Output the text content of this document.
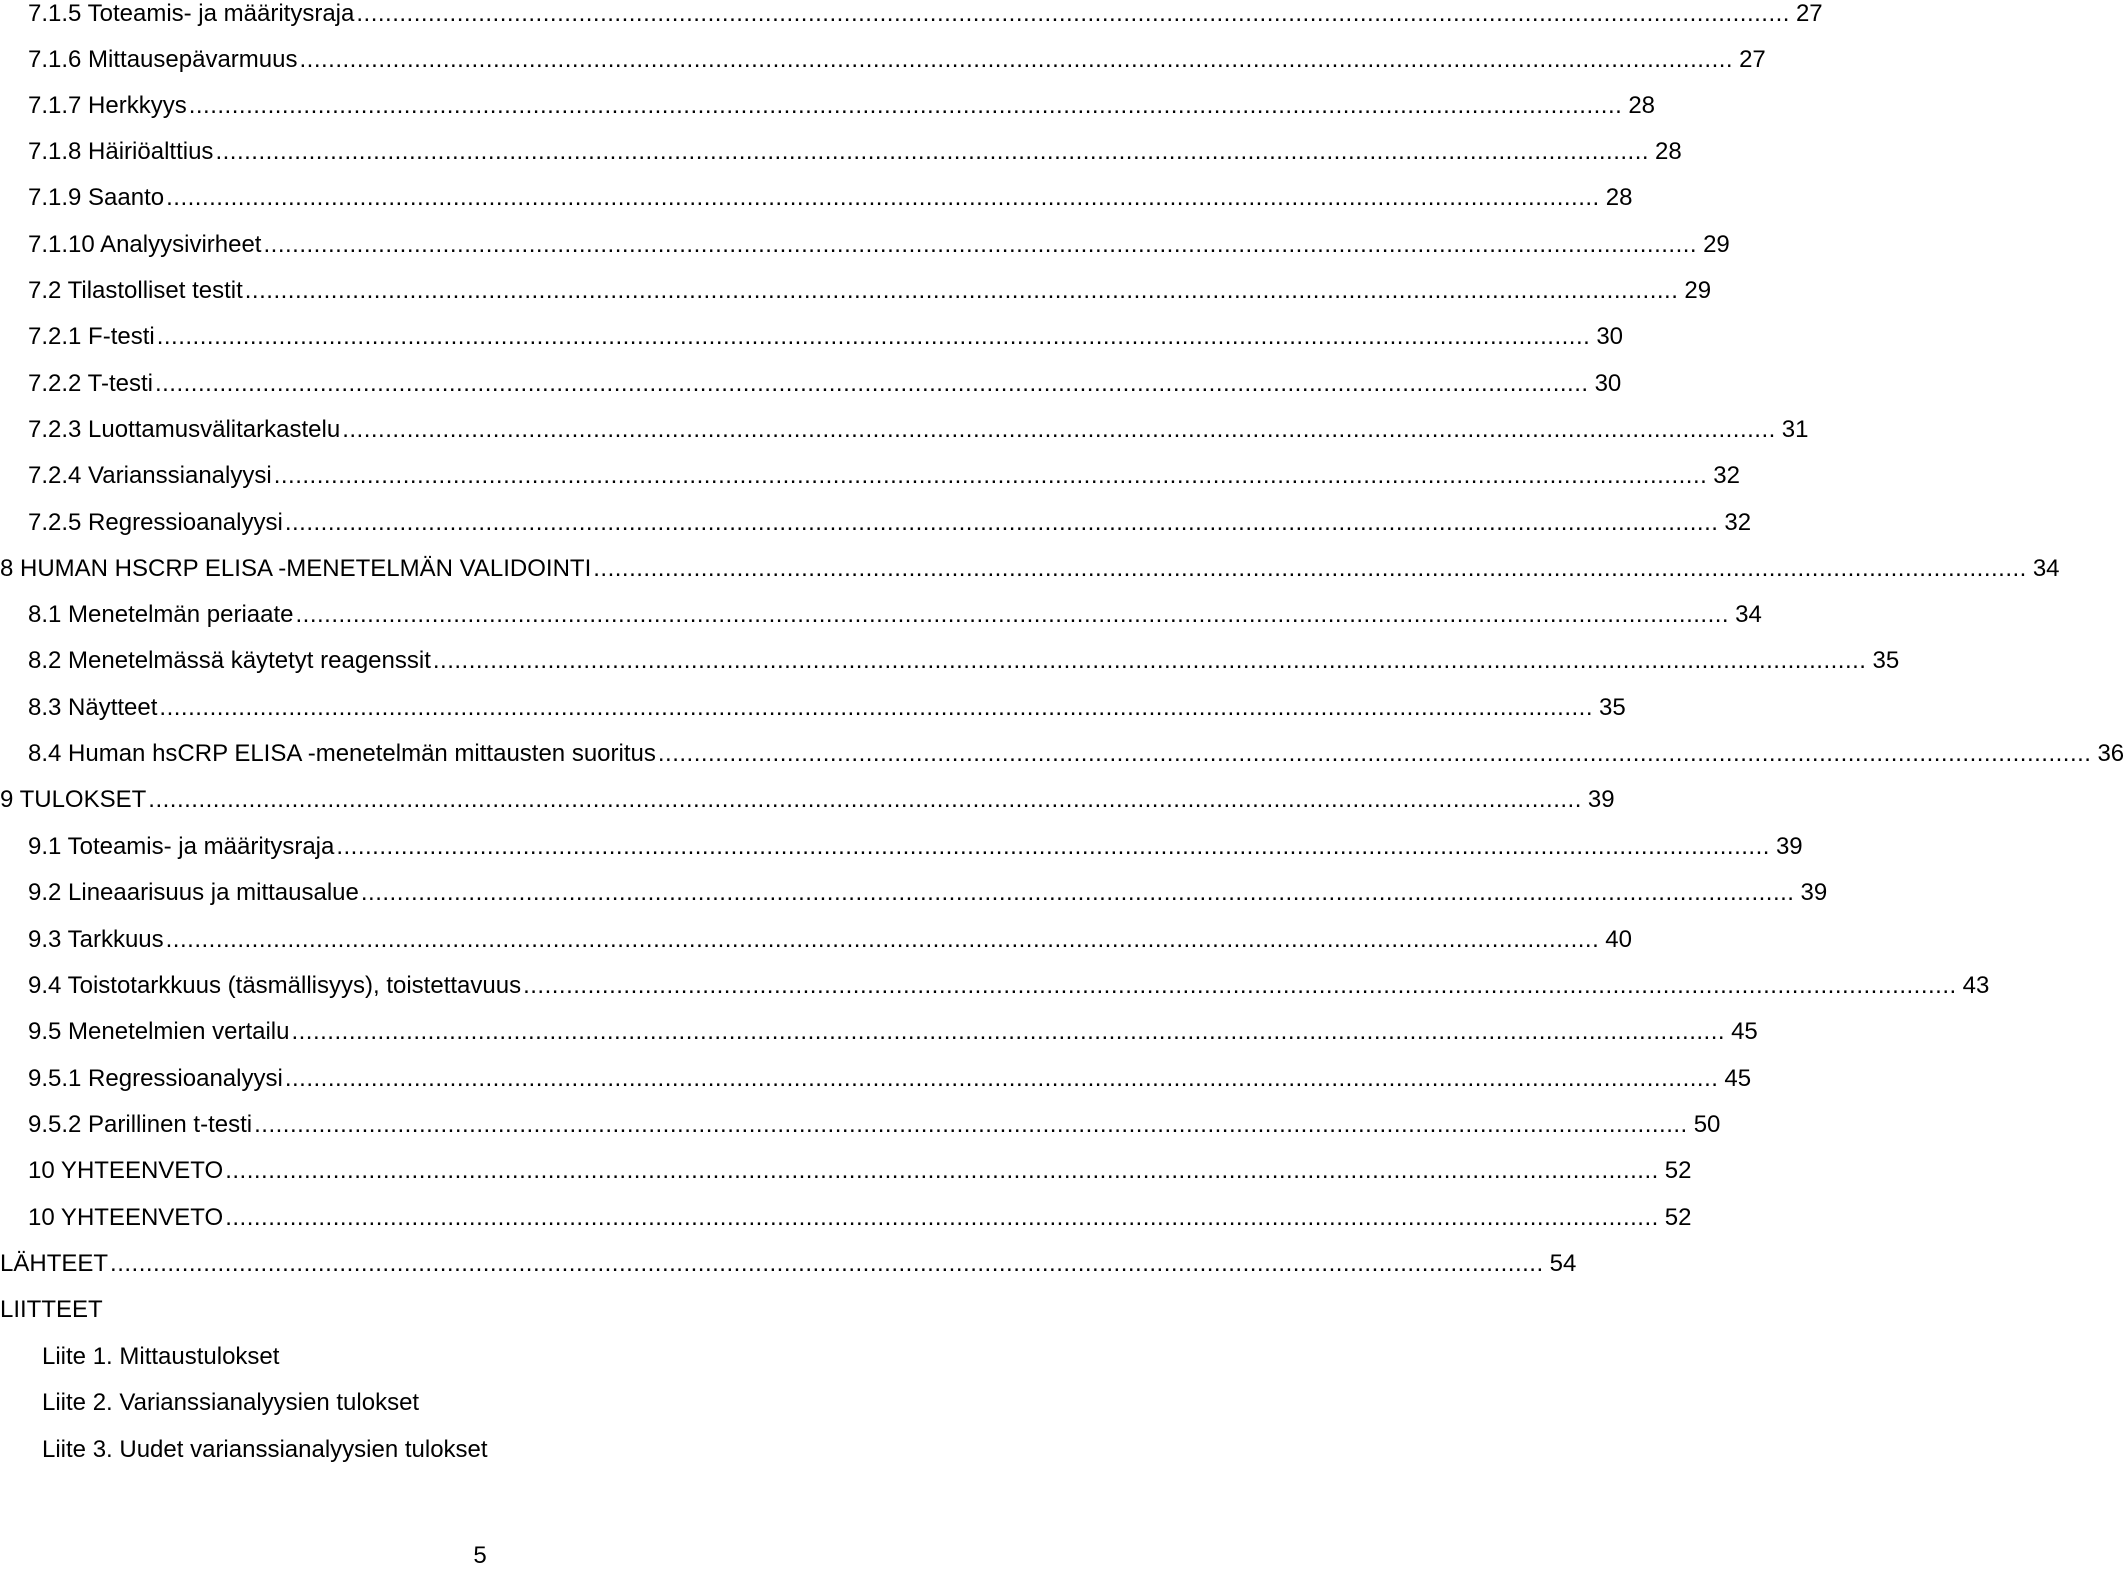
7.1.5 Toteamis- ja määritysraja ........................................................................................................................................................................................................ 27
7.1.6 Mittausepävarmuus ........................................................................................................................................................................................................ 27
7.1.7 Herkkyys ........................................................................................................................................................................................................ 28
7.1.8 Häiriöalttius ........................................................................................................................................................................................................ 28
7.1.9 Saanto ........................................................................................................................................................................................................ 28
7.1.10 Analyysivirheet ........................................................................................................................................................................................................ 29
7.2 Tilastolliset testit ........................................................................................................................................................................................................ 29
7.2.1 F-testi ........................................................................................................................................................................................................ 30
7.2.2 T-testi ........................................................................................................................................................................................................ 30
7.2.3 Luottamusvälitarkastelu ........................................................................................................................................................................................................ 31
7.2.4 Varianssianalyysi ........................................................................................................................................................................................................ 32
7.2.5 Regressioanalyysi ........................................................................................................................................................................................................ 32
8 HUMAN HSCRP ELISA -MENETELMÄN VALIDOINTI ........................................................................................................................................................................................................ 34
8.1 Menetelmän periaate ........................................................................................................................................................................................................ 34
8.2 Menetelmässä käytetyt reagenssit ........................................................................................................................................................................................................ 35
8.3 Näytteet ........................................................................................................................................................................................................ 35
8.4 Human hsCRP ELISA -menetelmän mittausten suoritus ........................................................................................................................................................................................................ 36
9 TULOKSET ........................................................................................................................................................................................................ 39
9.1 Toteamis- ja määritysraja ........................................................................................................................................................................................................ 39
9.2 Lineaarisuus ja mittausalue ........................................................................................................................................................................................................ 39
9.3 Tarkkuus ........................................................................................................................................................................................................ 40
9.4 Toistotarkkuus (täsmällisyys), toistettavuus ........................................................................................................................................................................................................ 43
9.5 Menetelmien vertailu ........................................................................................................................................................................................................ 45
9.5.1 Regressioanalyysi ........................................................................................................................................................................................................ 45
9.5.2 Parillinen t-testi ........................................................................................................................................................................................................ 50
10 YHTEENVETO ........................................................................................................................................................................................................ 52
10 YHTEENVETO ........................................................................................................................................................................................................ 52
LÄHTEET ........................................................................................................................................................................................................ 54
LIITTEET
Liite 1. Mittaustulokset
Liite 2. Varianssianalyysien tulokset
Liite 3. Uudet varianssianalyysien tulokset
5
